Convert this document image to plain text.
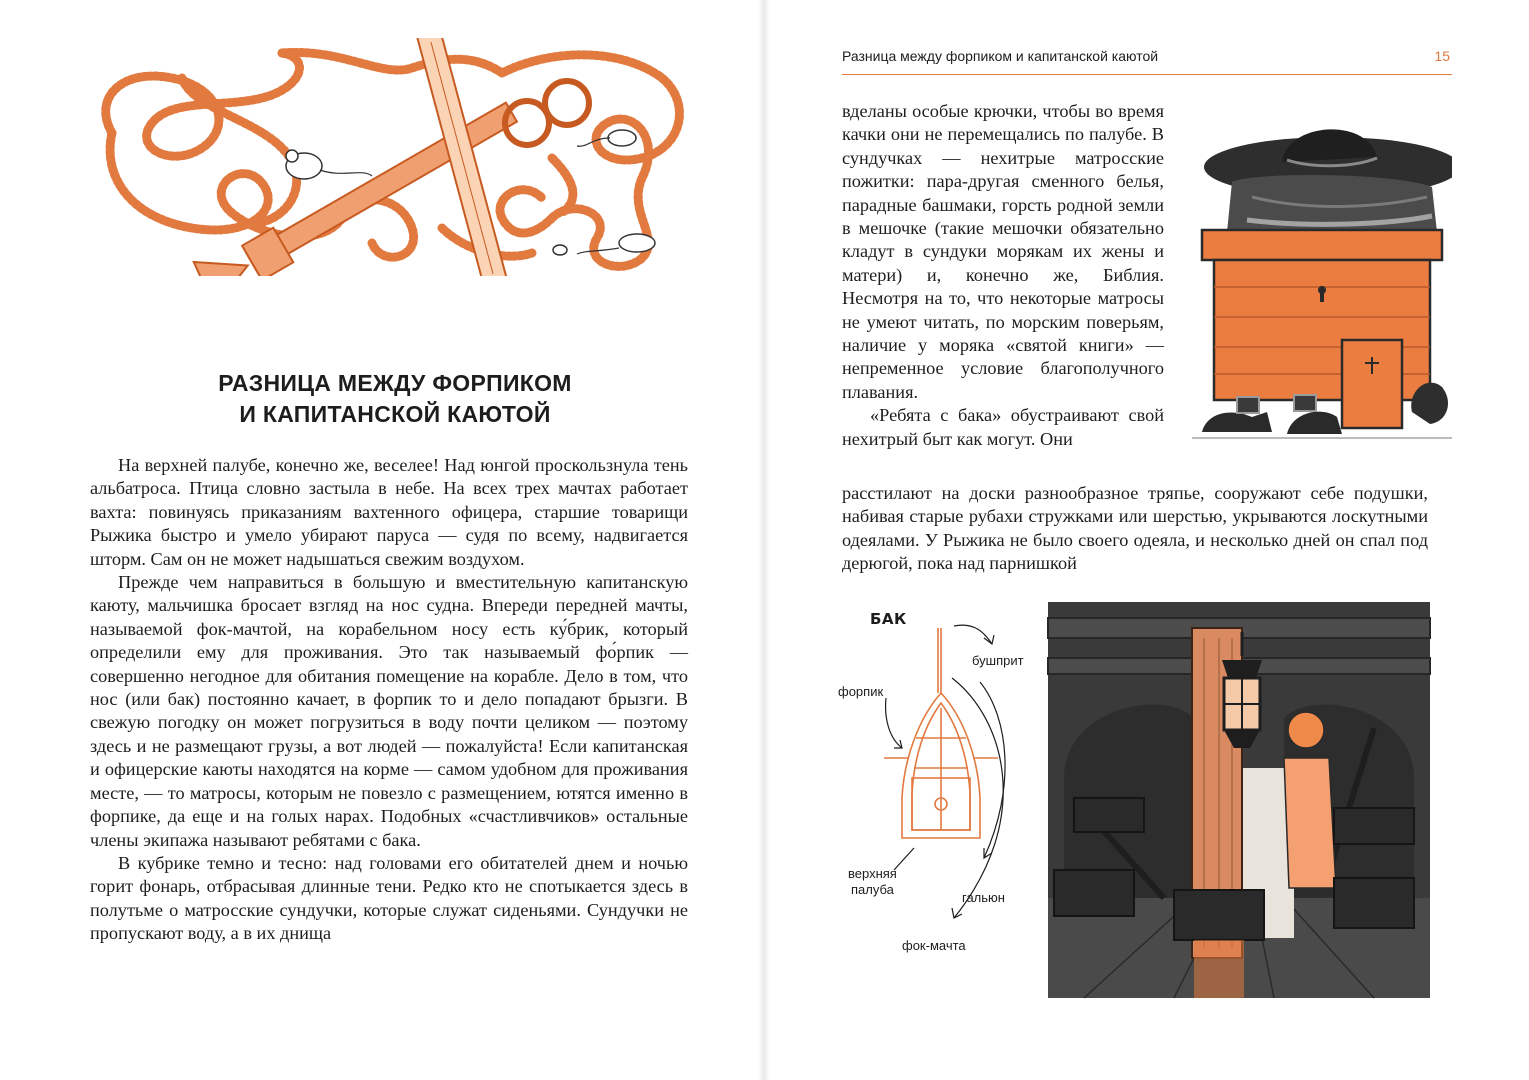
РАЗНИЦА МЕЖДУ ФОРПИКОМ
И КАПИТАНСКОЙ КАЮТОЙ

На верхней палубе, конечно же, веселее! Над юнгой проскользнула тень альбатроса. Птица словно застыла в небе. На всех трех мачтах работает вахта: повинуясь приказаниям вахтенного офицера, старшие товарищи Рыжика быстро и умело убирают паруса — судя по всему, надвигается шторм. Сам он не может надышаться свежим воздухом.

Прежде чем направиться в большую и вместительную капитанскую каюту, мальчишка бросает взгляд на нос судна. Впереди передней мачты, называемой фок-мачтой, на корабельном носу есть ку́брик, который определили ему для проживания. Это так называемый фо́рпик — совершенно негодное для обитания помещение на корабле. Дело в том, что нос (или бак) постоянно качает, в форпик то и дело попадают брызги. В свежую погодку он может погрузиться в воду почти целиком — поэтому здесь и не размещают грузы, а вот людей — пожалуйста! Если капитанская и офицерские каюты находятся на корме — самом удобном для проживания месте, — то матросы, которым не повезло с размещением, ютятся именно в форпике, да еще и на голых нарах. Подобных «счастливчиков» остальные члены экипажа называют ребятами с бака.

В кубрике темно и тесно: над головами его обитателей днем и ночью горит фонарь, отбрасывая длинные тени. Редко кто не спотыкается здесь в полутьме о матросские сундучки, которые служат сиденьями. Сундучки не пропускают воду, а в их днища

Разница между форпиком и капитанской каютой	15

вделаны особые крючки, чтобы во время качки они не перемещались по палубе. В сундучках — нехитрые матросские пожитки: пара-другая сменного белья, парадные башмаки, горсть родной земли в мешочке (такие мешочки обязательно кладут в сундуки морякам их жены и матери) и, конечно же, Библия. Несмотря на то, что некоторые матросы не умеют читать, по морским поверьям, наличие у моряка «святой книги» — непременное условие благополучного плавания.

«Ребята с бака» обустраивают свой нехитрый быт как могут. Они

расстилают на доски разнообразное тряпье, сооружают себе подушки, набивая старые рубахи стружками или шерстью, укрываются лоскутными одеялами. У Рыжика не было своего одеяла, и несколько дней он спал под дерюгой, пока над парнишкой

БАК
бушприт
форпик
верхняя
палуба
гальюн
фок-мачта
